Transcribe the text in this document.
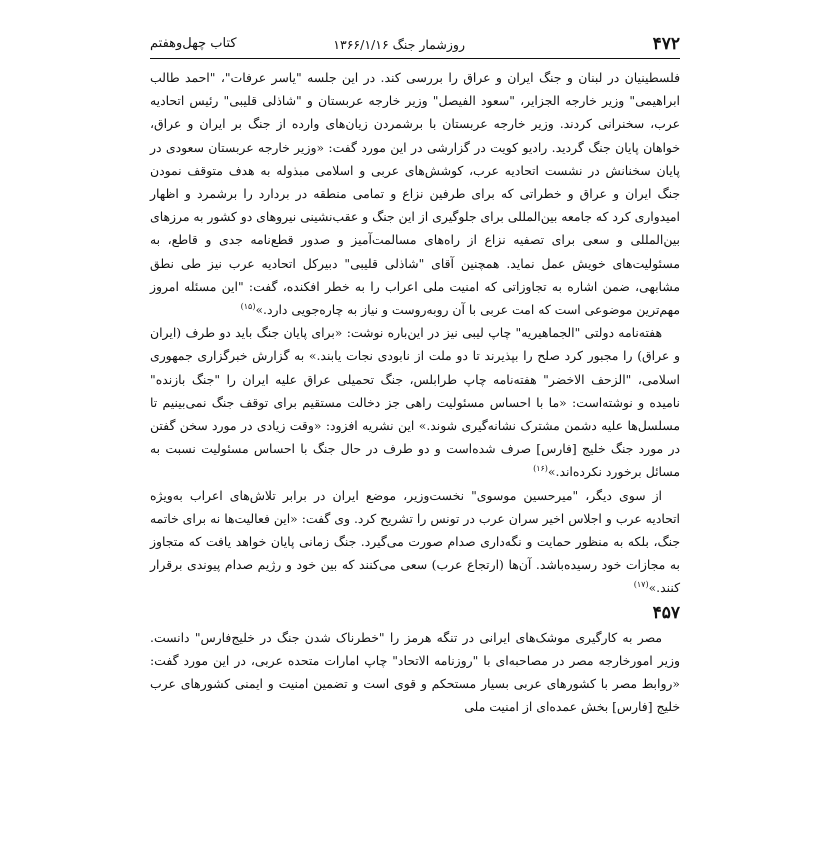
۴۷۲
روزشمار جنگ ۱۳۶۶/۱/۱۶
کتاب چهل‌وهفتم

فلسطینیان در لبنان و جنگ ایران و عراق را بررسی کند. در این جلسه "یاسر عرفات"، "احمد طالب ابراهیمی" وزیر خارجه الجزایر، "سعود الفیصل" وزیر خارجه عربستان و "شاذلی قلیبی" رئیس اتحادیه عرب، سخنرانی کردند. وزیر خارجه عربستان با برشمردن زیان‌های وارده از جنگ بر ایران و عراق، خواهان پایان جنگ گردید. رادیو کویت در گزارشی در این مورد گفت: «وزیر خارجه عربستان سعودی در پایان سخنانش در نشست اتحادیه عرب، کوشش‌های عربی و اسلامی مبذوله به هدف متوقف نمودن جنگ ایران و عراق و خطراتی که برای طرفین نزاع و تمامی منطقه در بردارد را برشمرد و اظهار امیدواری کرد که جامعه بین‌المللی برای جلوگیری از این جنگ و عقب‌نشینی نیروهای دو کشور به مرزهای بین‌المللی و سعی برای تصفیه نزاع از راه‌های مسالمت‌آمیز و صدور قطع‌نامه جدی و قاطع، به مسئولیت‌های خویش عمل نماید. همچنین آقای "شاذلی قلیبی" دبیرکل اتحادیه عرب نیز طی نطق مشابهی، ضمن اشاره به تجاوزاتی که امنیت ملی اعراب را به خطر افکنده، گفت: "این مسئله امروز مهم‌ترین موضوعی است که امت عربی با آن روبه‌روست و نیاز به چاره‌جویی دارد.»$^{(۱۵)}$

هفته‌نامه دولتی "الجماهیریه" چاپ لیبی نیز در این‌باره نوشت: «برای پایان جنگ باید دو طرف (ایران و عراق) را مجبور کرد صلح را بپذیرند تا دو ملت از نابودی نجات یابند.» به گزارش خبرگزاری جمهوری اسلامی، "الزحف الاخضر" هفته‌نامه چاپ طرابلس، جنگ تحمیلی عراق علیه ایران را "جنگ بازنده" نامیده و نوشته‌است: «ما با احساس مسئولیت راهی جز دخالت مستقیم برای توقف جنگ نمی‌بینیم تا مسلسل‌ها علیه دشمن مشترک نشانه‌گیری شوند.» این نشریه افزود: «وقت زیادی در مورد سخن گفتن در مورد جنگ خلیج [فارس] صرف شده‌است و دو طرف در حال جنگ با احساس مسئولیت نسبت به مسائل برخورد نکرده‌اند.»$^{(۱۶)}$

از سوی دیگر، "میرحسین موسوی" نخست‌وزیر، موضع ایران در برابر تلاش‌های اعراب به‌ویژه اتحادیه عرب و اجلاس اخیر سران عرب در تونس را تشریح کرد. وی گفت: «این فعالیت‌ها نه برای خاتمه جنگ، بلکه به منظور حمایت و نگه‌داری صدام صورت می‌گیرد. جنگ زمانی پایان خواهد یافت که متجاوز به مجازات خود رسیده‌باشد. آن‌ها (ارتجاع عرب) سعی می‌کنند که بین خود و رژیم صدام پیوندی برقرار کنند.»$^{(۱۷)}$

۴۵۷

مصر به کارگیری موشک‌های ایرانی در تنگه هرمز را "خطرناک شدن جنگ در خلیج‌فارس" دانست. وزیر امورخارجه مصر در مصاحبه‌ای با "روزنامه الاتحاد" چاپ امارات متحده عربی، در این مورد گفت: «روابط مصر با کشورهای عربی بسیار مستحکم و قوی است و تضمین امنیت و ایمنی کشورهای عرب خلیج [فارس] بخش عمده‌ای از امنیت ملی
